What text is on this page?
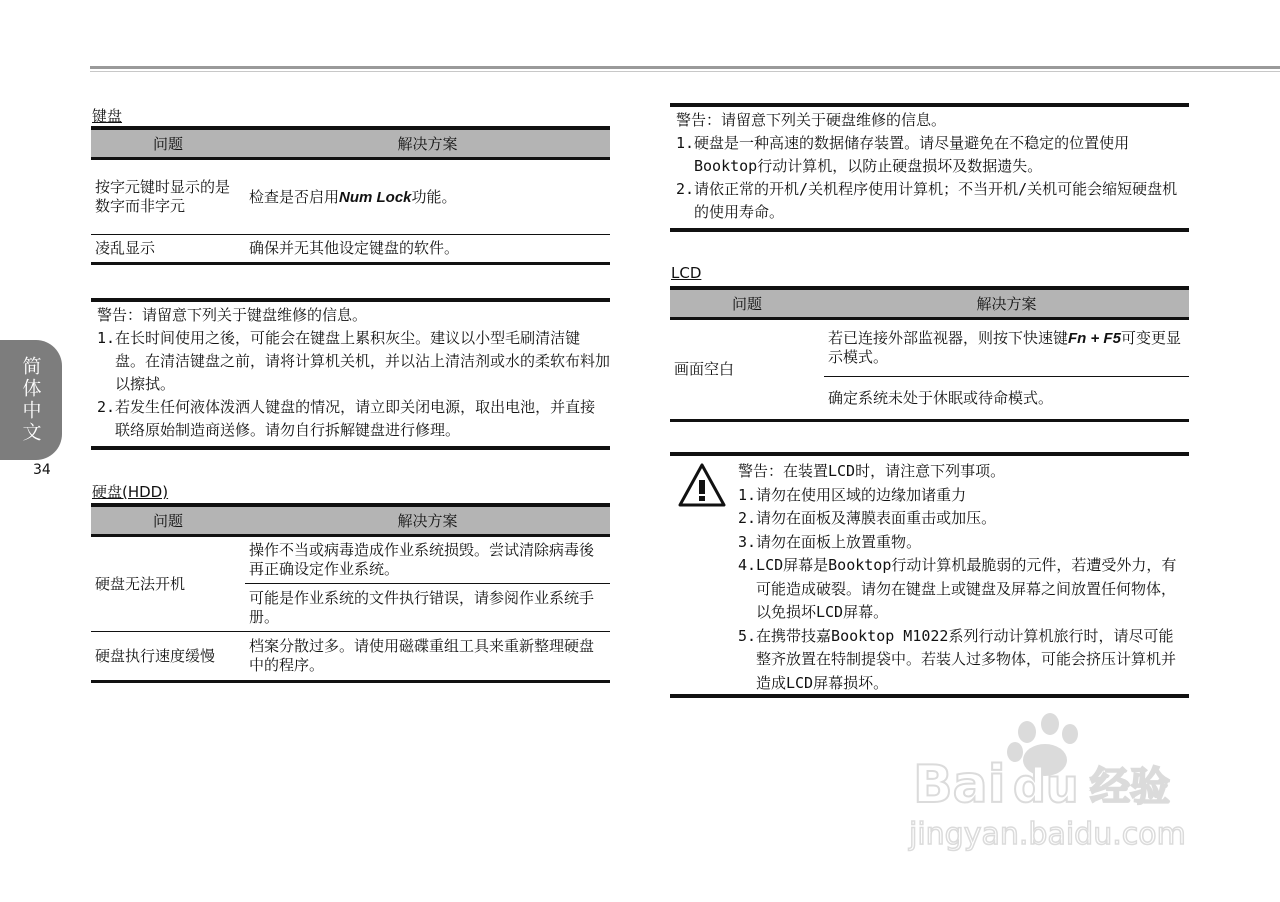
简体中文
34
键盘
问题	解决方案
按字元键时显示的是数字而非字元	检查是否启用Num Lock功能。
凌乱显示	确保并无其他设定键盘的软件。
警告：请留意下列关于键盘维修的信息。
1.在长时间使用之後，可能会在键盘上累积灰尘。建议以小型毛刷清洁键盘。在清洁键盘之前，请将计算机关机，并以沾上清洁剂或水的柔软布料加以擦拭。
2.若发生任何液体泼洒人键盘的情况，请立即关闭电源，取出电池，并直接联络原始制造商送修。请勿自行拆解键盘进行修理。
硬盘(HDD)
问题	解决方案
硬盘无法开机	操作不当或病毒造成作业系统损毁。尝试清除病毒後再正确设定作业系统。
	可能是作业系统的文件执行错误，请参阅作业系统手册。
硬盘执行速度缓慢	档案分散过多。请使用磁碟重组工具来重新整理硬盘中的程序。
警告：请留意下列关于硬盘维修的信息。
1.硬盘是一种高速的数据储存装置。请尽量避免在不稳定的位置使用Booktop行动计算机，以防止硬盘损坏及数据遗失。
2.请依正常的开机/关机程序使用计算机；不当开机/关机可能会缩短硬盘机的使用寿命。
LCD
问题	解决方案
画面空白	若已连接外部监视器，则按下快速键Fn + F5可变更显示模式。
	确定系统未处于休眠或待命模式。
警告：在装置LCD时，请注意下列事项。
1.请勿在使用区域的边缘加诸重力
2.请勿在面板及薄膜表面重击或加压。
3.请勿在面板上放置重物。
4.LCD屏幕是Booktop行动计算机最脆弱的元件，若遭受外力，有可能造成破裂。请勿在键盘上或键盘及屏幕之间放置任何物体，以免损坏LCD屏幕。
5.在携带技嘉Booktop M1022系列行动计算机旅行时，请尽可能整齐放置在特制提袋中。若装人过多物体，可能会挤压计算机并造成LCD屏幕损坏。
Bai du 经验
jingyan.baidu.com
